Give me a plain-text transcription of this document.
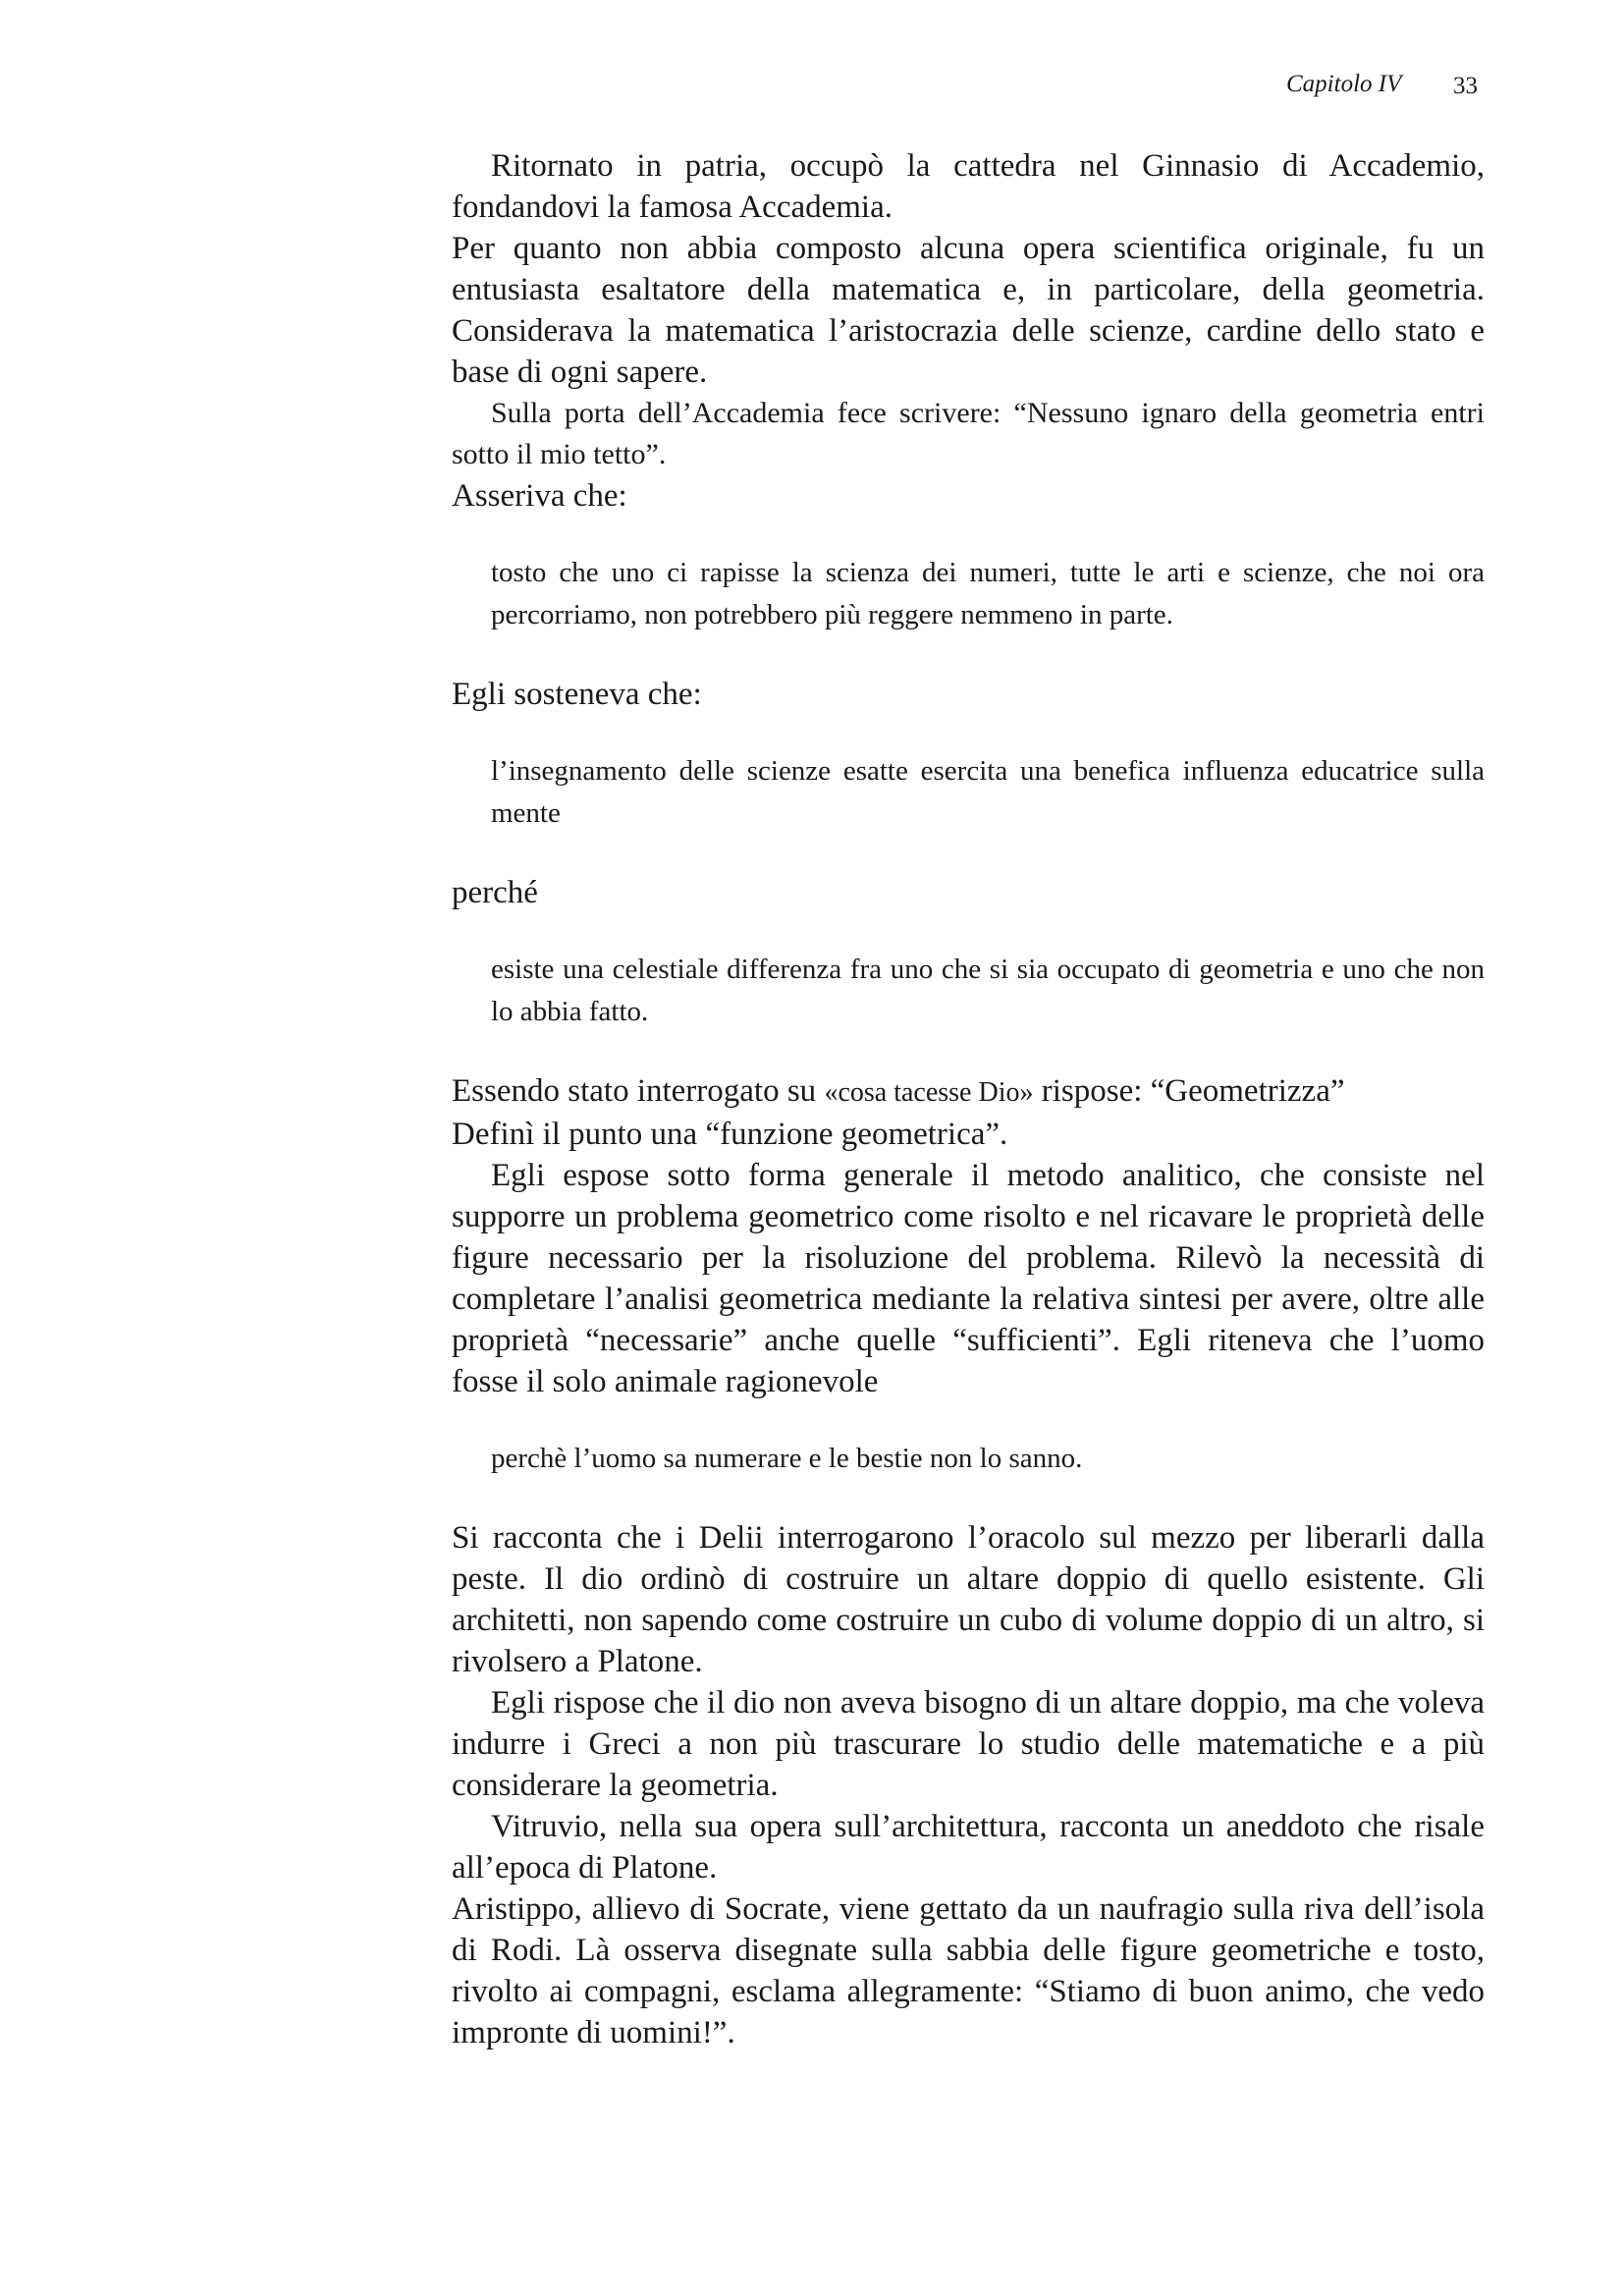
Capitolo IV 33

Ritornato in patria, occupò la cattedra nel Ginnasio di Accademio, fondandovi la famosa Accademia.

Per quanto non abbia composto alcuna opera scientifica originale, fu un entusiasta esaltatore della matematica e, in particolare, della geometria. Considerava la matematica l’aristocrazia delle scienze, cardine dello stato e base di ogni sapere.

Sulla porta dell’Accademia fece scrivere: “Nessuno ignaro della geometria entri sotto il mio tetto”.

Asseriva che:

tosto che uno ci rapisse la scienza dei numeri, tutte le arti e scienze, che noi ora percorriamo, non potrebbero più reggere nemmeno in parte.

Egli sosteneva che:

l’insegnamento delle scienze esatte esercita una benefica influenza educatrice sulla mente

perché

esiste una celestiale differenza fra uno che si sia occupato di geometria e uno che non lo abbia fatto.

Essendo stato interrogato su «cosa tacesse Dio» rispose: “Geometrizza”

Definì il punto una “funzione geometrica”.

Egli espose sotto forma generale il metodo analitico, che consiste nel supporre un problema geometrico come risolto e nel ricavare le proprietà delle figure necessario per la risoluzione del problema. Rilevò la necessità di completare l’analisi geometrica mediante la relativa sintesi per avere, oltre alle proprietà “necessarie” anche quelle “sufficienti”. Egli riteneva che l’uomo fosse il solo animale ragionevole

perchè l’uomo sa numerare e le bestie non lo sanno.

Si racconta che i Delii interrogarono l’oracolo sul mezzo per liberarli dalla peste. Il dio ordinò di costruire un altare doppio di quello esistente. Gli architetti, non sapendo come costruire un cubo di volume doppio di un altro, si rivolsero a Platone.

Egli rispose che il dio non aveva bisogno di un altare doppio, ma che voleva indurre i Greci a non più trascurare lo studio delle matematiche e a più considerare la geometria.

Vitruvio, nella sua opera sull’architettura, racconta un aneddoto che risale all’epoca di Platone.

Aristippo, allievo di Socrate, viene gettato da un naufragio sulla riva dell’isola di Rodi. Là osserva disegnate sulla sabbia delle figure geometriche e tosto, rivolto ai compagni, esclama allegramente: “Stiamo di buon animo, che vedo impronte di uomini!”.
